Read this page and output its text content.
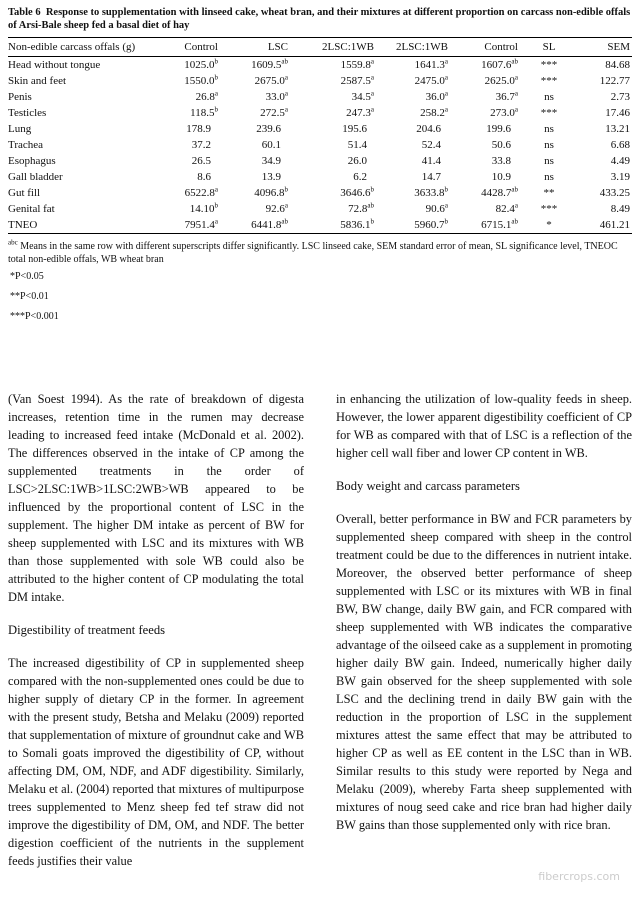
Table 6 Response to supplementation with linseed cake, wheat bran, and their mixtures at different proportion on carcass non-edible offals of Arsi-Bale sheep fed a basal diet of hay
Non-edible carcass offals (g)	Control	LSC	2LSC:1WB	2LSC:1WB	Control	SL	SEM
Head without tongue	1025.0$^b$	1609.5$^{ab}$	1559.8$^a$	1641.3$^a$	1607.6$^{ab}$	***	84.68
Skin and feet	1550.0$^b$	2675.0$^a$	2587.5$^a$	2475.0$^a$	2625.0$^a$	***	122.77
Penis	26.8$^a$	33.0$^a$	34.5$^a$	36.0$^a$	36.7$^a$	ns	2.73
Testicles	118.5$^b$	272.5$^a$	247.3$^a$	258.2$^a$	273.0$^a$	***	17.46
Lung	178.9	239.6	195.6	204.6	199.6	ns	13.21
Trachea	37.2	60.1	51.4	52.4	50.6	ns	6.68
Esophagus	26.5	34.9	26.0	41.4	33.8	ns	4.49
Gall bladder	8.6	13.9	6.2	14.7	10.9	ns	3.19
Gut fill	6522.8$^a$	4096.8$^b$	3646.6$^b$	3633.8$^b$	4428.7$^{ab}$	**	433.25
Genital fat	14.10$^b$	92.6$^a$	72.8$^{ab}$	90.6$^a$	82.4$^a$	***	8.49
TNEO	7951.4$^a$	6441.8$^{ab}$	5836.1$^b$	5960.7$^b$	6715.1$^{ab}$	*	461.21

$^{abc}$ Means in the same row with different superscripts differ significantly. LSC linseed cake, SEM standard error of mean, SL significance level, TNEOC total non-edible offals, WB wheat bran

*P<0.05

**P<0.01

***P<0.001

(Van Soest 1994). As the rate of breakdown of digesta increases, retention time in the rumen may decrease leading to increased feed intake (McDonald et al. 2002). The differences observed in the intake of CP among the supplemented treatments in the order of LSC>2LSC:1WB>1LSC:2WB>WB appeared to be influenced by the proportional content of LSC in the supplement. The higher DM intake as percent of BW for sheep supplemented with LSC and its mixtures with WB than those supplemented with sole WB could also be attributed to the higher content of CP modulating the total DM intake.

Digestibility of treatment feeds

The increased digestibility of CP in supplemented sheep compared with the non-supplemented ones could be due to higher supply of dietary CP in the former. In agreement with the present study, Betsha and Melaku (2009) reported that supplementation of mixture of groundnut cake and WB to Somali goats improved the digestibility of CP, without affecting DM, OM, NDF, and ADF digestibility. Similarly, Melaku et al. (2004) reported that mixtures of multipurpose trees supplemented to Menz sheep fed tef straw did not improve the digestibility of DM, OM, and NDF. The better digestion coefficient of the nutrients in the supplement feeds justifies their value

in enhancing the utilization of low-quality feeds in sheep. However, the lower apparent digestibility coefficient of CP for WB as compared with that of LSC is a reflection of the higher cell wall fiber and lower CP content in WB.

Body weight and carcass parameters

Overall, better performance in BW and FCR parameters by supplemented sheep compared with sheep in the control treatment could be due to the differences in nutrient intake. Moreover, the observed better performance of sheep supplemented with LSC or its mixtures with WB in final BW, BW change, daily BW gain, and FCR compared with sheep supplemented with WB indicates the comparative advantage of the oilseed cake as a supplement in promoting higher daily BW gain. Indeed, numerically higher daily BW gain observed for the sheep supplemented with sole LSC and the declining trend in daily BW gain with the reduction in the proportion of LSC in the supplement mixtures attest the same effect that may be attributed to higher CP as well as EE content in the LSC than in WB. Similar results to this study were reported by Nega and Melaku (2009), whereby Farta sheep supplemented with mixtures of noug seed cake and rice bran had higher daily BW gains than those supplemented only with rice bran.

fibercrops.com
